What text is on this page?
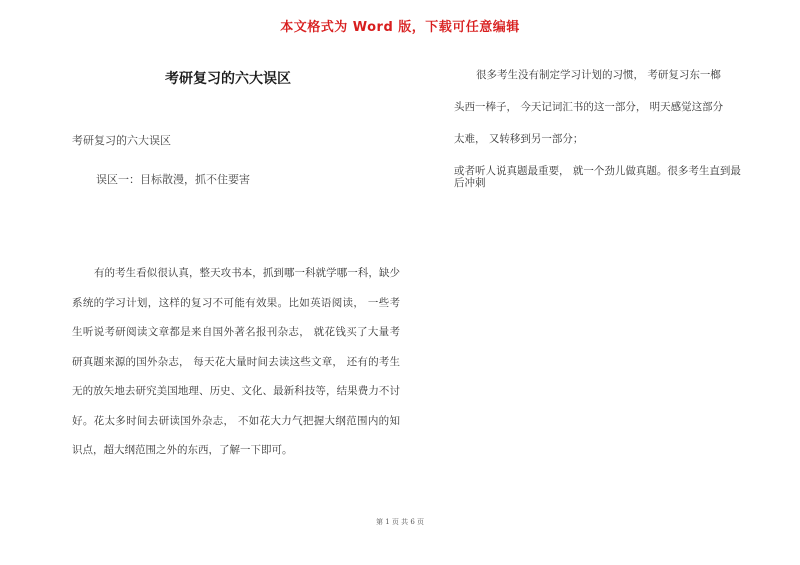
本文格式为 Word 版，下载可任意编辑
考研复习的六大误区
考研复习的六大误区
误区一：目标散漫，抓不住要害

有的考生看似很认真，整天攻书本，抓到哪一科就学哪一科，缺少系统的学习计划，这样的复习不可能有效果。比如英语阅读， 一些考生听说考研阅读文章都是来自国外著名报刊杂志， 就花钱买了大量考研真题来源的国外杂志， 每天花大量时间去读这些文章， 还有的考生无的放矢地去研究美国地理、历史、文化、最新科技等，结果费力不讨好。花太多时间去研读国外杂志， 不如花大力气把握大纲范围内的知识点，超大纲范围之外的东西，了解一下即可。

很多考生没有制定学习计划的习惯， 考研复习东一榔

头西一棒子， 今天记词汇书的这一部分， 明天感觉这部分

太难， 又转移到另一部分；

或者听人说真题最重要， 就一个劲儿做真题。很多考生直到最后冲刺

第 1 页 共 6 页
